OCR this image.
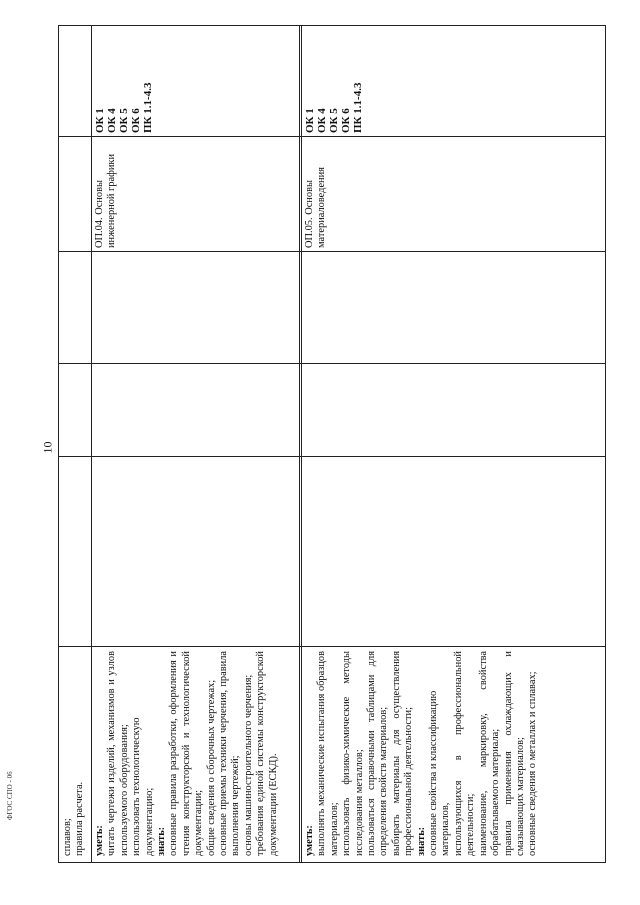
10
ФГОС СПО - 06

сплавов; правила расчета. уметь: читать чертежи изделий, механизмов и узлов используемого оборудования; использовать технологическую документацию; знать: основные правила разработки, оформления и чтения конструкторской и технологической документации; общие сведения о сборочных чертежах; основные приемы техники черчения, правила выполнения чертежей; основы машиностроительного черчения; требования единой системы конструкторской документации (ЕСКД).

ОП.04. Основы инженерной графики

ОК 1 ОК 4 ОК 5 ОК 6 ПК 1.1-4.3

уметь: выполнять механические испытания образцов материалов; использовать физико-химические методы исследования металлов; пользоваться справочными таблицами для определения свойств материалов; выбирать материалы для осуществления профессиональной деятельности; знать: основные свойства и классификацию материалов, использующихся в профессиональной деятельности; наименование, маркировку, свойства обрабатываемого материала; правила применения охлаждающих и смазывающих материалов; основные сведения о металлах и сплавах;

ОП.05. Основы материаловедения

ОК 1 ОК 4 ОК 5 ОК 6 ПК 1.1-4.3
